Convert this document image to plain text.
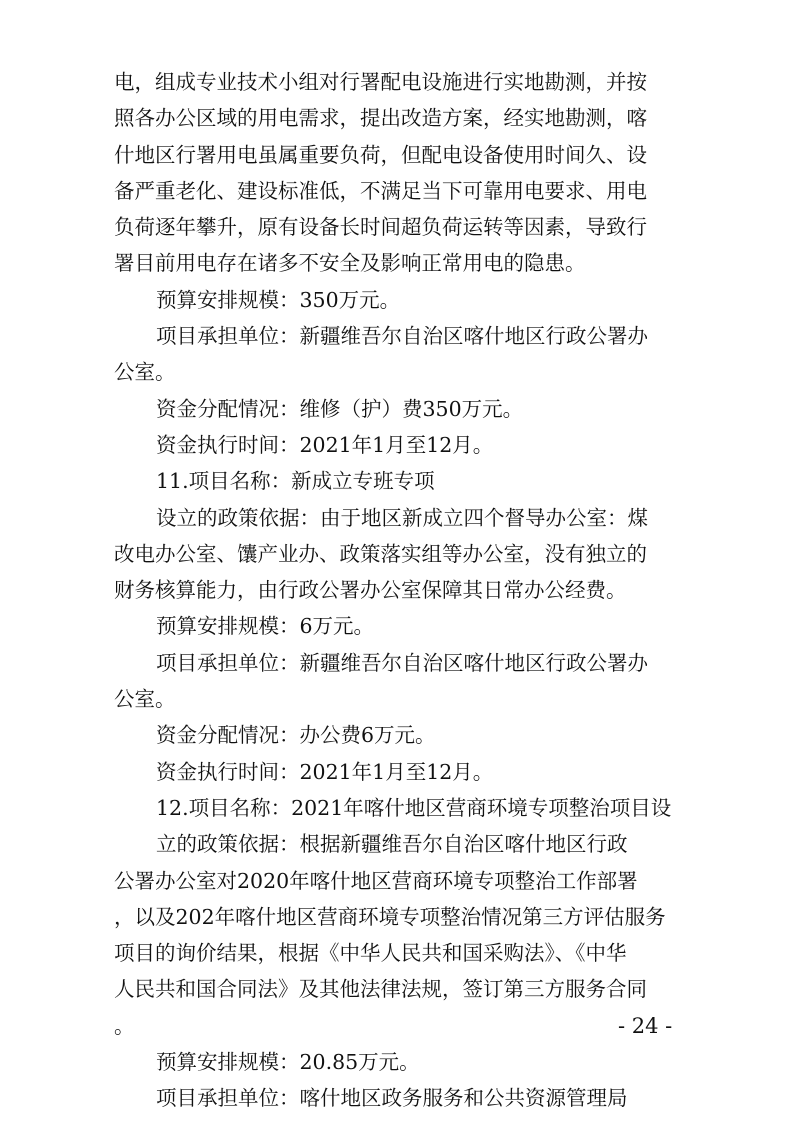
电，组成专业技术小组对行署配电设施进行实地勘测，并按
照各办公区域的用电需求，提出改造方案，经实地勘测，喀
什地区行署用电虽属重要负荷，但配电设备使用时间久、设
备严重老化、建设标准低，不满足当下可靠用电要求、用电
负荷逐年攀升，原有设备长时间超负荷运转等因素，导致行
署目前用电存在诸多不安全及影响正常用电的隐患。
预算安排规模：350万元。
项目承担单位：新疆维吾尔自治区喀什地区行政公署办
公室。
资金分配情况：维修（护）费350万元。
资金执行时间：2021年1月至12月。
11.项目名称：新成立专班专项
设立的政策依据：由于地区新成立四个督导办公室：煤
改电办公室、馕产业办、政策落实组等办公室，没有独立的
财务核算能力，由行政公署办公室保障其日常办公经费。
预算安排规模：6万元。
项目承担单位：新疆维吾尔自治区喀什地区行政公署办
公室。
资金分配情况：办公费6万元。
资金执行时间：2021年1月至12月。
12.项目名称：2021年喀什地区营商环境专项整治项目设
立的政策依据：根据新疆维吾尔自治区喀什地区行政
公署办公室对2020年喀什地区营商环境专项整治工作部署
，以及202年喀什地区营商环境专项整治情况第三方评估服务
项目的询价结果，根据《中华人民共和国采购法》、《中华
人民共和国合同法》及其他法律法规，签订第三方服务合同
。
预算安排规模：20.85万元。
项目承担单位：喀什地区政务服务和公共资源管理局
- 24 -
